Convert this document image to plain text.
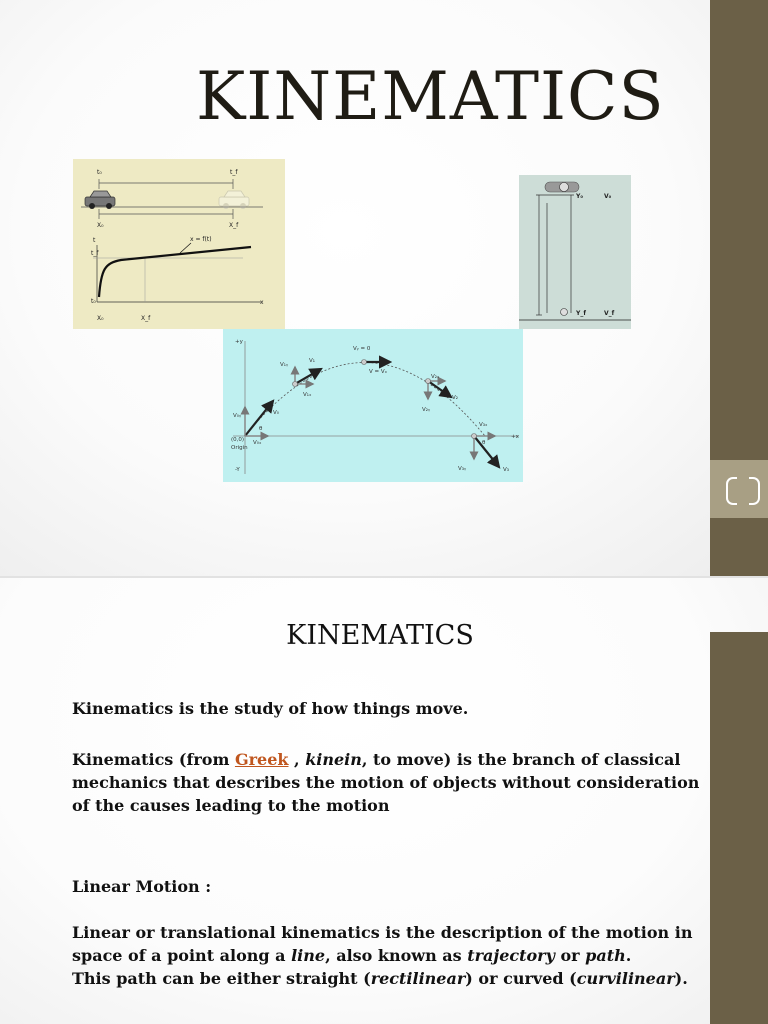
KINEMATICS
t₀	t_f
X₀	X_f
t
t_f
t₀	x
x = f(t)
X₀	X_f
Y₀	V₀
Y_f	V_f
Vᵧ = 0
V = Vₓ
V₁
V₁ᵧ
V₁ₓ
V₂ₓ
V₂
V₂ᵧ
V₀
V₀ᵧ
V₀ₓ
θ
θ
V₃ₓ
V₃ᵧ	V₃
(0,0)
Origin
+y
-Y
+x
KINEMATICS
Kinematics is the study of how things move.
Kinematics (from Greek , kinein, to move) is the branch of classical mechanics that describes the motion of objects without consideration of the causes leading to the motion
Linear Motion :
Linear or translational kinematics is the description of the motion in space of a point along a line, also known as trajectory or path.
This path can be either straight (rectilinear) or curved (curvilinear).
